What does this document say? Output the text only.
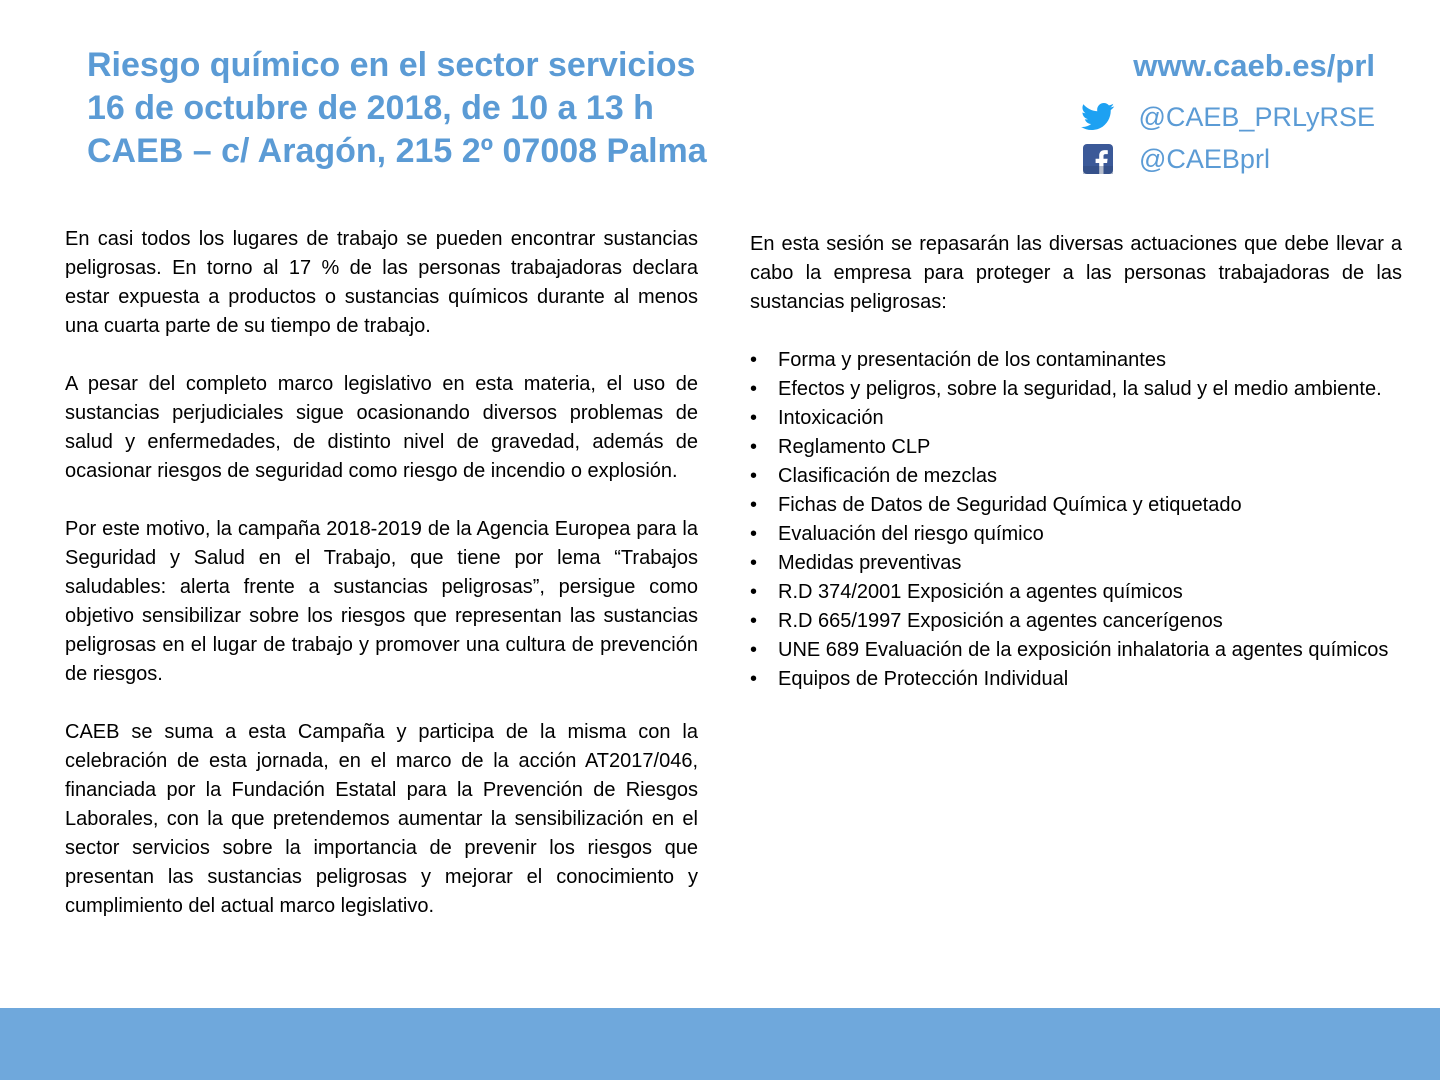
Riesgo químico en el sector servicios
16 de octubre de 2018, de 10 a 13 h
CAEB – c/ Aragón, 215 2º 07008 Palma
www.caeb.es/prl
@CAEB_PRLyRSE
@CAEBprl

En casi todos los lugares de trabajo se pueden encontrar sustancias peligrosas. En torno al 17 % de las personas trabajadoras declara estar expuesta a productos o sustancias químicos durante al menos una cuarta parte de su tiempo de trabajo.

A pesar del completo marco legislativo en esta materia, el uso de sustancias perjudiciales sigue ocasionando diversos problemas de salud y enfermedades, de distinto nivel de gravedad, además de ocasionar riesgos de seguridad como riesgo de incendio o explosión.

Por este motivo, la campaña 2018-2019 de la Agencia Europea para la Seguridad y Salud en el Trabajo, que tiene por lema “Trabajos saludables: alerta frente a sustancias peligrosas”, persigue como objetivo sensibilizar sobre los riesgos que representan las sustancias peligrosas en el lugar de trabajo y promover una cultura de prevención de riesgos.

CAEB se suma a esta Campaña y participa de la misma con la celebración de esta jornada, en el marco de la acción AT2017/046, financiada por la Fundación Estatal para la Prevención de Riesgos Laborales, con la que pretendemos aumentar la sensibilización en el sector servicios sobre la importancia de prevenir los riesgos que presentan las sustancias peligrosas y mejorar el conocimiento y cumplimiento del actual marco legislativo.

En esta sesión se repasarán las diversas actuaciones que debe llevar a cabo la empresa para proteger a las personas trabajadoras de las sustancias peligrosas:

• Forma y presentación de los contaminantes
• Efectos y peligros, sobre la seguridad, la salud y el medio ambiente.
• Intoxicación
• Reglamento CLP
• Clasificación de mezclas
• Fichas de Datos de Seguridad Química y etiquetado
• Evaluación del riesgo químico
• Medidas preventivas
• R.D 374/2001 Exposición a agentes químicos
• R.D 665/1997 Exposición a agentes cancerígenos
• UNE 689 Evaluación de la exposición inhalatoria a agentes químicos
• Equipos de Protección Individual
